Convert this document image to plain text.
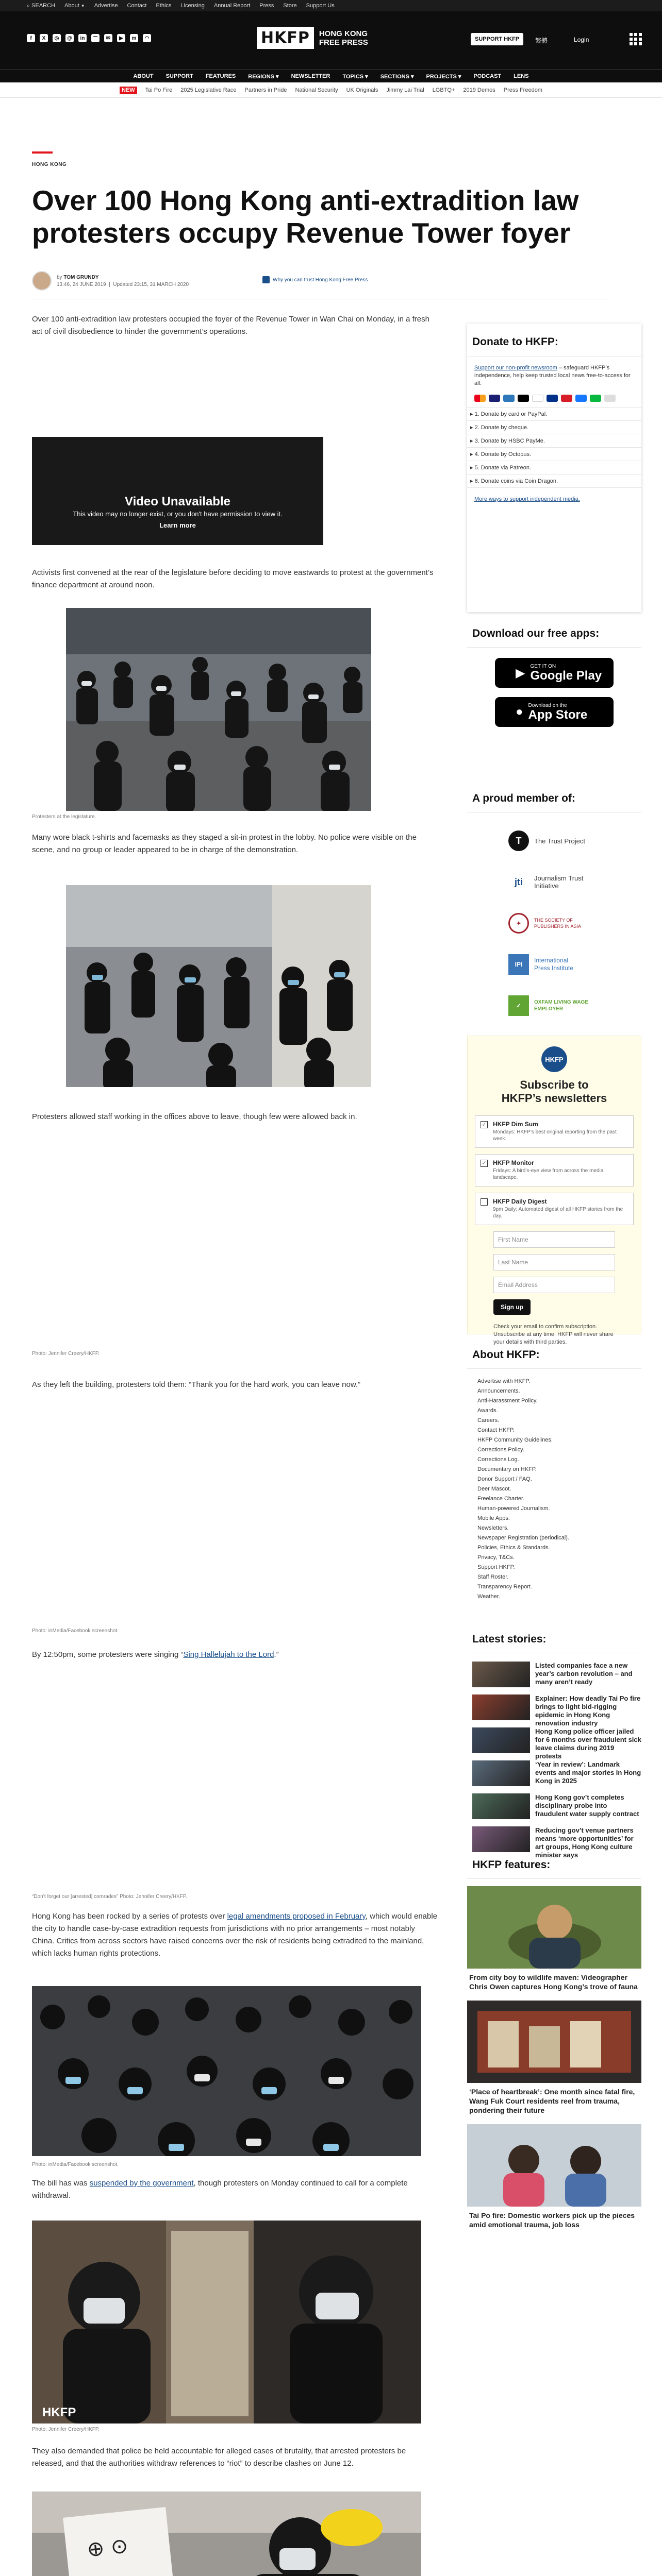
⌕ SEARCH About ▼ Advertise Contact Ethics Licensing Annual Report Press Store Support Us
f	X	◎	@	in	⌒	✉	▶	m	◠	HKFP	HONG KONG
FREE PRESS	SUPPORT HKFP	繁體	Login
ABOUT SUPPORT FEATURES REGIONS ▾ NEWSLETTER TOPICS ▾ SECTIONS ▾ PROJECTS ▾ PODCAST LENS
NEW	Tai Po Fire 2025 Legislative Race Partners in Pride National Security UK Originals Jimmy Lai Trial LGBTQ+ 2019 Demos Press Freedom
HONG KONG
Over 100 Hong Kong anti-extradition law protesters occupy Revenue Tower foyer
by TOM GRUNDY
13:46, 24 JUNE 2019  |  Updated 23:15, 31 MARCH 2020
Why you can trust Hong Kong Free Press
Over 100 anti-extradition law protesters occupied the foyer of the Revenue Tower in Wan Chai on Monday, in a fresh act of civil disobedience to hinder the government’s operations.
Video Unavailable
This video may no longer exist, or you don't have permission to view it.
Learn more
Activists first convened at the rear of the legislature before deciding to move eastwards to protest at the government’s finance department at around noon.
Protesters at the legislature.
Many wore black t-shirts and facemasks as they staged a sit-in protest in the lobby. No police were visible on the scene, and no group or leader appeared to be in charge of the demonstration.
Protesters allowed staff working in the offices above to leave, though few were allowed back in.
Photo: Jennifer Creery/HKFP.
As they left the building, protesters told them: “Thank you for the hard work, you can leave now.”
Photo: inMedia/Facebook screenshot.
By 12:50pm, some protesters were singing “Sing Hallelujah to the Lord.”
“Don’t forget our [arrested] comrades” Photo: Jennifer Creery/HKFP.
Hong Kong has been rocked by a series of protests over legal amendments proposed in February, which would enable the city to handle case-by-case extradition requests from jurisdictions with no prior arrangements – most notably China. Critics from across sectors have raised concerns over the risk of residents being extradited to the mainland, which lacks human rights protections.
Photo: inMedia/Facebook screenshot.
The bill has was suspended by the government, though protesters on Monday continued to call for a complete withdrawal.
HKFP
Photo: Jennifer Creery/HKFP.
They also demanded that police be held accountable for alleged cases of brutality, that arrested protesters be released, and that the authorities withdraw references to “riot” to describe clashes on June 12.
⊕ ⊙
Donate to HKFP:
Support our non-profit newsroom – safeguard HKFP’s independence, help keep trusted local news free-to-access for all.
▸ 1. Donate by card or PayPal.
▸ 2. Donate by cheque.
▸ 3. Donate by HSBC PayMe.
▸ 4. Donate by Octopus.
▸ 5. Donate via Patreon.
▸ 6. Donate coins via Coin Dragon.
More ways to support independent media.
Download our free apps:
▶ GET IT ON
Google Play
● Download on the
App Store
A proud member of:
T	The Trust Project
jti	Journalism Trust Initiative
✦
THE SOCIETY OF PUBLISHERS IN ASIA
IPI
International Press Institute
✓	OXFAM LIVING WAGE EMPLOYER
HKFP
Subscribe to HKFP’s newsletters
✓ HKFP Dim Sum
Mondays: HKFP’s best original reporting from the past week.
✓ HKFP Monitor
Fridays: A bird’s-eye view from across the media landscape.
HKFP Daily Digest
9pm Daily: Automated digest of all HKFP stories from the day.
First Name
Last Name
Email Address
Sign up
Check your email to confirm subscription. Unsubscribe at any time. HKFP will never share your details with third parties.
About HKFP:
Advertise with HKFP.
Announcements.
Anti-Harassment Policy.
Awards.
Careers.
Contact HKFP.
HKFP Community Guidelines.
Corrections Policy.
Corrections Log.
Documentary on HKFP.
Donor Support / FAQ.
Deer Mascot.
Freelance Charter.
Human-powered Journalism.
Mobile Apps.
Newsletters.
Newspaper Registration (periodical).
Policies, Ethics & Standards.
Privacy, T&Cs.
Support HKFP.
Staff Roster.
Transparency Report.
Weather.
Latest stories:
Listed companies face a new year’s carbon revolution – and many aren’t ready
Explainer: How deadly Tai Po fire brings to light bid-rigging epidemic in Hong Kong renovation industry
Hong Kong police officer jailed for 6 months over fraudulent sick leave claims during 2019 protests
‘Year in review’: Landmark events and major stories in Hong Kong in 2025
Hong Kong gov’t completes disciplinary probe into fraudulent water supply contract
Reducing gov’t venue partners means ‘more opportunities’ for art groups, Hong Kong culture minister says
HKFP features:
From city boy to wildlife maven: Videographer Chris Owen captures Hong Kong’s trove of fauna
‘Place of heartbreak’: One month since fatal fire, Wang Fuk Court residents reel from trauma, pondering their future
Tai Po fire: Domestic workers pick up the pieces amid emotional trauma, job loss
